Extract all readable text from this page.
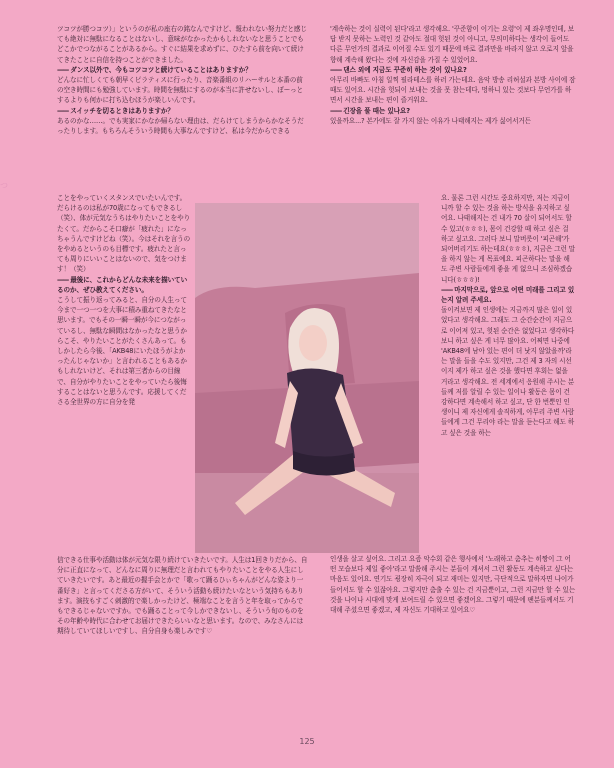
つ

ツコツが勝つコツ）」というのが私の座右の銘なんですけど、報われない努力だと感じても絶対に無駄になることはないし、意味がなかったかもしれないなと思うことでもどこかでつながることがあるから。すぐに結果を求めずに、ひたすら前を向いて続けてきたことに自信を持つことができました。

—— ダンス以外で、今もコツコツと続けていることはありますか？

どんなに忙しくても朝早くピラティスに行ったり、音楽番組のリハーサルと本番の前の空き時間にも勉強しています。時間を無駄にするのが本当に許せないし、ぼーっとするよりも何かに打ち込むほうが楽しいんです。

—— スイッチを切るときはありますか？

あるのかな……。でも実家にかなか帰らない理由は、だらけてしまうからかなそうだったりします。もちろんそういう時間も大事なんですけど、私は今だからできる

ことをやっていくスタンスでいたいんです。だらけるのは私が70歳になってもできるし（笑）、体が元気なうちはやりたいことをやりたくて。だからこそ口癖が「疲れた」になっちゃうんですけどね（笑）。今はそれを言うのをやめるというのも目標です。疲れたと言っても周りにいいことはないので、気をつけます！（笑）

—— 最後に、これからどんな未来を描いているのか、ぜひ教えてください。

こうして振り返ってみると、自分の人生って今まで一つ一つを大事に積み重ねてきたなと思います。でもその一瞬一瞬が今につながっているし、無駄な瞬間はなかったなと思うからこそ、やりたいことがたくさんあって。もしかしたら今後、「AKB48にいたほうがよかったんじゃないか」と言われることもあるかもしれないけど、それは第三者からの目線で、自分がやりたいことをやっていたら後悔することはないと思うんです。応援してくださる全世界の方に自分を発

信できる仕事や活動は体が元気な限り続けていきたいです。人生は1回きりだから、自分に正直になって、どんなに周りに無理だと言われてもやりたいことをやる人生にしていきたいです。あと最近の握手会とかで「歌って踊るひぃちゃんがどんな姿より一番好き」と言ってくださる方がいて、そういう活動も続けたいなという気持ちもあります。演技もすごく刺激的で楽しかったけど、極端なことを言うと年を取ってからでもできるじゃないですか。でも踊ることって今しかできないし、そういう旬のものをその年齢や時代に合わせてお届けできたらいいなと思います。なので、みなさんには期待していてほしいですし、自分自身も楽しみです♡

'계속하는 것이 실력이 된다'라고 생각해요. '꾸준함이 이기는 요령'이 제 좌우명인데, 보답 받지 못하는 노력인 것 같아도 절대 헛된 것이 아니고, 무의미하다는 생각이 들어도 다른 무언가의 결과로 이어질 수도 있기 때문에 바로 결과만을 바라지 않고 오로지 앞을 향해 계속해 왔다는 것에 자신감을 가질 수 있었어요.

—— 댄스 외에 지금도 꾸준히 하는 것이 있나요?

아무리 바빠도 아침 일찍 필라테스를 하러 가는데요. 음악 방송 리허설과 본방 사이에 잠 때도 있어요. 시간을 헛되이 보내는 것을 못 참는데다, 멍하니 있는 것보다 무언가를 하면서 시간을 보내는 편이 즐거워요.

—— 긴장을 풀 때는 있나요?

있을까요...? 본가에도 잘 가지 않는 이유가 나태해지는 제가 싫어서거든

요. 물론 그런 시간도 중요하지만, 저는 지금이니까 할 수 있는 것을 하는 방식을 유지하고 싶어요. 나태해지는 건 내가 70 살이 되어서도 할 수 있고(ㅎㅎㅎ), 몸이 건강할 때 하고 싶은 걸 하고 싶고요. 그러다 보니 말버릇이 '피곤해'가 되어버리기도 하는데요(ㅎㅎㅎ), 지금은 그런 말을 하지 않는 게 목표예요. 피곤하다는 말을 해도 주변 사람들에게 좋을 게 없으니 조심하겠습니다(ㅎㅎㅎ)!

—— 마지막으로, 앞으로 어떤 미래를 그리고 있는지 알려 주세요.

돌이켜보면 제 인생에는 지금까지 많은 일이 있었다고 생각해요. 그래도 그 순간순간이 지금으로 이어져 있고, 헛된 순간은 없었다고 생각하다 보니 하고 싶은 게 너무 많아요. 어쩌면 나중에 'AKB48에 남아 있는 편이 더 낫지 않았을까'라는 말을 들을 수도 있지만, 그건 제 3 자의 시선이지 제가 하고 싶은 것을 했다면 후회는 없을 거라고 생각해요. 전 세계에서 응원해 주시는 분들께 저를 알릴 수 있는 일이나 활동은 몸이 건강하다면 계속해서 하고 싶고, 단 한 번뿐인 인생이니 제 자신에게 솔직하게, 아무리 주변 사람들에게 그건 무리야 라는 말을 듣는다고 해도 하고 싶은 것을 하는

인생을 살고 싶어요. 그리고 요즘 악수회 같은 행사에서 '노래하고 춤추는 히짱이 그 어떤 모습보다 제일 좋아'라고 말씀해 주시는 분들이 계셔서 그런 활동도 계속하고 싶다는 마음도 있어요. 연기도 굉장히 자극이 되고 재미는 있지만, 극단적으로 말하자면 나이가 들어서도 할 수 있잖아요. 그렇지만 춤출 수 있는 건 지금뿐이고, 그런 지금만 할 수 있는 것을 나이나 시대에 맞게 보여드릴 수 있으면 좋겠어요. 그렇기 때문에 팬분들께서도 기대해 주셨으면 좋겠고, 제 자신도 기대하고 있어요♡

125
